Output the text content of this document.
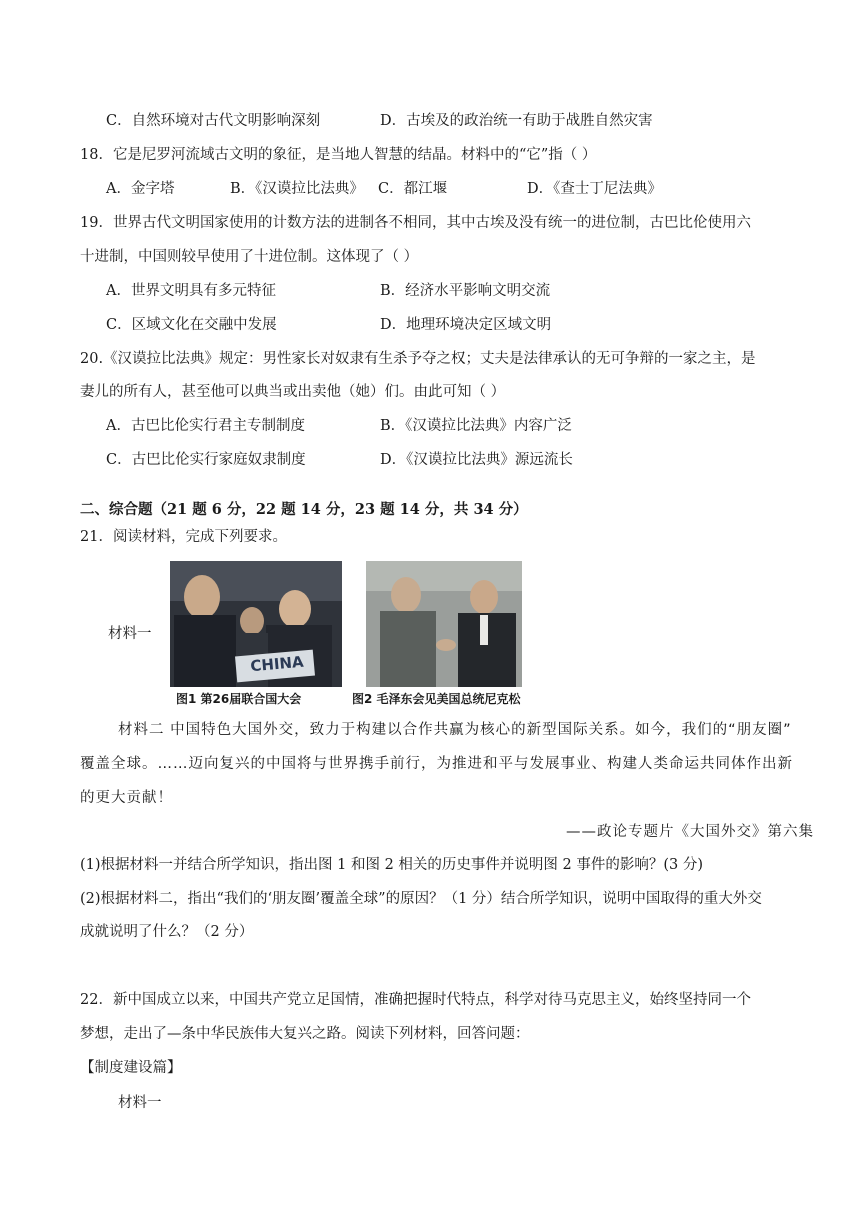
C．自然环境对古代文明影响深刻	D．古埃及的政治统一有助于战胜自然灾害
18．它是尼罗河流域古文明的象征，是当地人智慧的结晶。材料中的“它”指（ ）
A．金字塔	B．《汉谟拉比法典》 C．都江堰	D．《查士丁尼法典》
19．世界古代文明国家使用的计数方法的进制各不相同，其中古埃及没有统一的进位制，古巴比伦使用六
十进制，中国则较早使用了十进位制。这体现了（ ）
A．世界文明具有多元特征	B．经济水平影响文明交流
C．区域文化在交融中发展	D．地理环境决定区域文明
20.《汉谟拉比法典》规定：男性家长对奴隶有生杀予夺之权；丈夫是法律承认的无可争辩的一家之主，是
妻儿的所有人，甚至他可以典当或出卖他（她）们。由此可知（ ）
A．古巴比伦实行君主专制制度	B．《汉谟拉比法典》内容广泛
C．古巴比伦实行家庭奴隶制度	D．《汉谟拉比法典》源远流长
二、综合题（21 题 6 分，22 题 14 分，23 题 14 分，共 34 分）
21．阅读材料，完成下列要求。
材料一
CHINA
图1 第26届联合国大会	图2 毛泽东会见美国总统尼克松
材料二 中国特色大国外交，致力于构建以合作共赢为核心的新型国际关系。如今，我们的“朋友圈”
覆盖全球。……迈向复兴的中国将与世界携手前行，为推进和平与发展事业、构建人类命运共同体作出新
的更大贡献！
——政论专题片《大国外交》第六集
(1)根据材料一并结合所学知识，指出图 1 和图 2 相关的历史事件并说明图 2 事件的影响？(3 分)
(2)根据材料二，指出“我们的‘朋友圈’覆盖全球”的原因？（1 分）结合所学知识，说明中国取得的重大外交
成就说明了什么？（2 分）
22．新中国成立以来，中国共产党立足国情，准确把握时代特点，科学对待马克思主义，始终坚持同一个
梦想，走出了—条中华民族伟大复兴之路。阅读下列材料，回答问题：
【制度建设篇】
材料一
